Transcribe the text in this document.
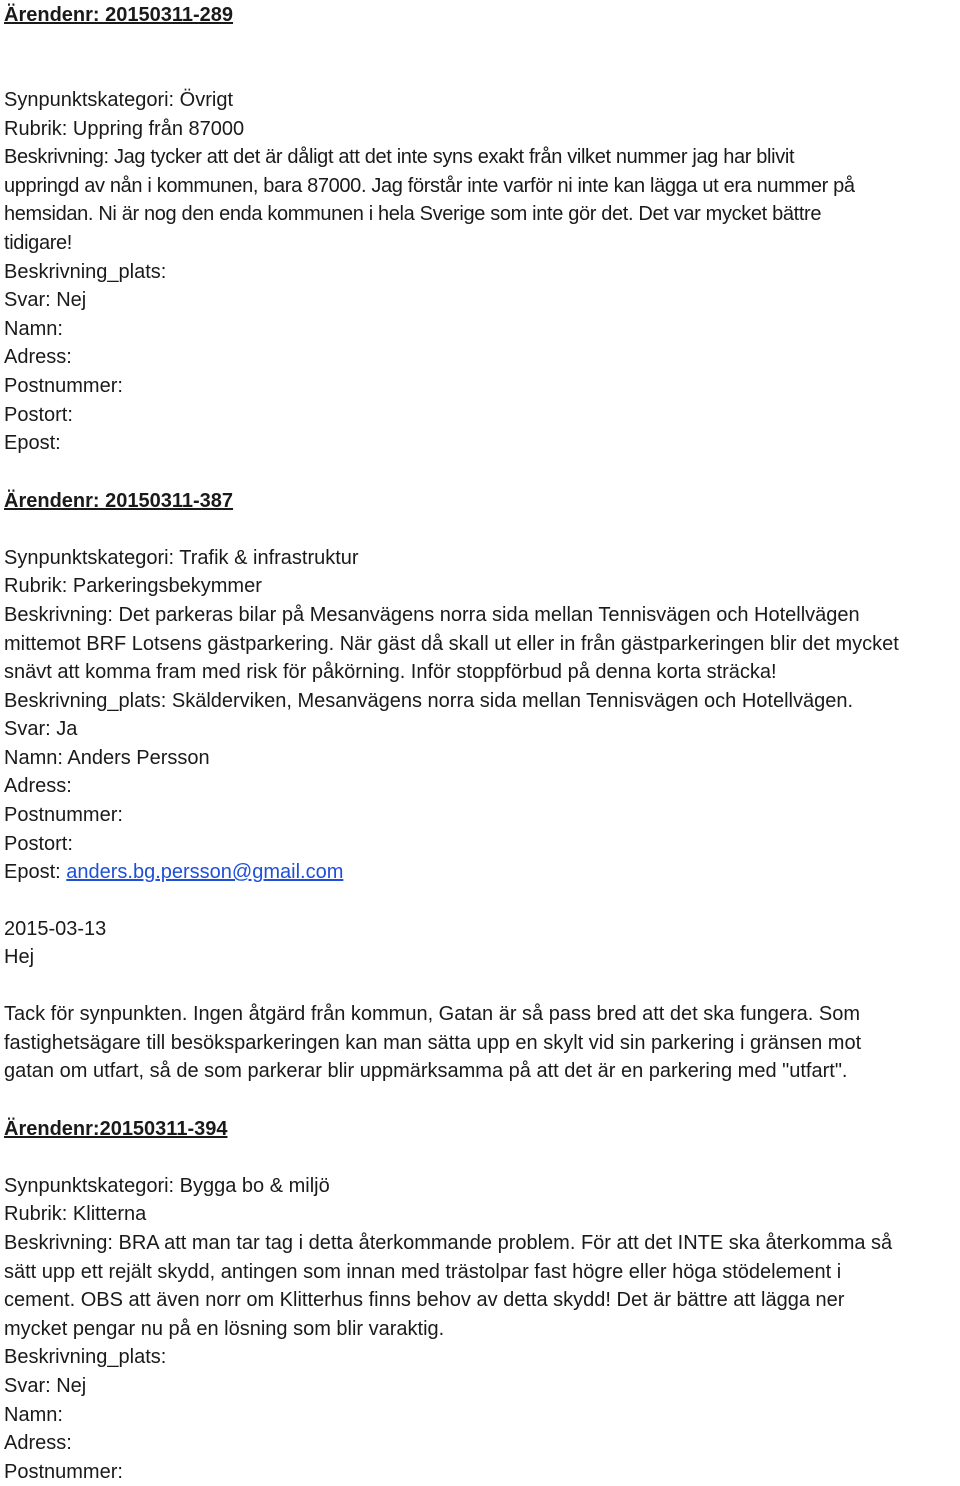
Ärendenr: 20150311-289
Synpunktskategori: Övrigt
Rubrik: Uppring från 87000
Beskrivning: Jag tycker att det är dåligt att det inte syns exakt från vilket nummer jag har blivit
uppringd av nån i kommunen, bara 87000. Jag förstår inte varför ni inte kan lägga ut era nummer på
hemsidan. Ni är nog den enda kommunen i hela Sverige som inte gör det. Det var mycket bättre
tidigare!
Beskrivning_plats:
Svar: Nej
Namn:
Adress:
Postnummer:
Postort:
Epost:
Ärendenr: 20150311-387
Synpunktskategori: Trafik & infrastruktur
Rubrik: Parkeringsbekymmer
Beskrivning: Det parkeras bilar på Mesanvägens norra sida mellan Tennisvägen och Hotellvägen
mittemot BRF Lotsens gästparkering. När gäst då skall ut eller in från gästparkeringen blir det mycket
snävt att komma fram med risk för påkörning. Inför stoppförbud på denna korta sträcka!
Beskrivning_plats: Skälderviken, Mesanvägens norra sida mellan Tennisvägen och Hotellvägen.
Svar: Ja
Namn: Anders Persson
Adress:
Postnummer:
Postort:
Epost: anders.bg.persson@gmail.com
2015-03-13
Hej
Tack för synpunkten. Ingen åtgärd från kommun, Gatan är så pass bred att det ska fungera. Som
fastighetsägare till besöksparkeringen kan man sätta upp en skylt vid sin parkering i gränsen mot
gatan om utfart, så de som parkerar blir uppmärksamma på att det är en parkering med "utfart".
Ärendenr:20150311-394
Synpunktskategori: Bygga bo & miljö
Rubrik: Klitterna
Beskrivning: BRA att man tar tag i detta återkommande problem. För att det INTE ska återkomma så
sätt upp ett rejält skydd, antingen som innan med trästolpar fast högre eller höga stödelement i
cement. OBS att även norr om Klitterhus finns behov av detta skydd! Det är bättre att lägga ner
mycket pengar nu på en lösning som blir varaktig.
Beskrivning_plats:
Svar: Nej
Namn:
Adress:
Postnummer:
